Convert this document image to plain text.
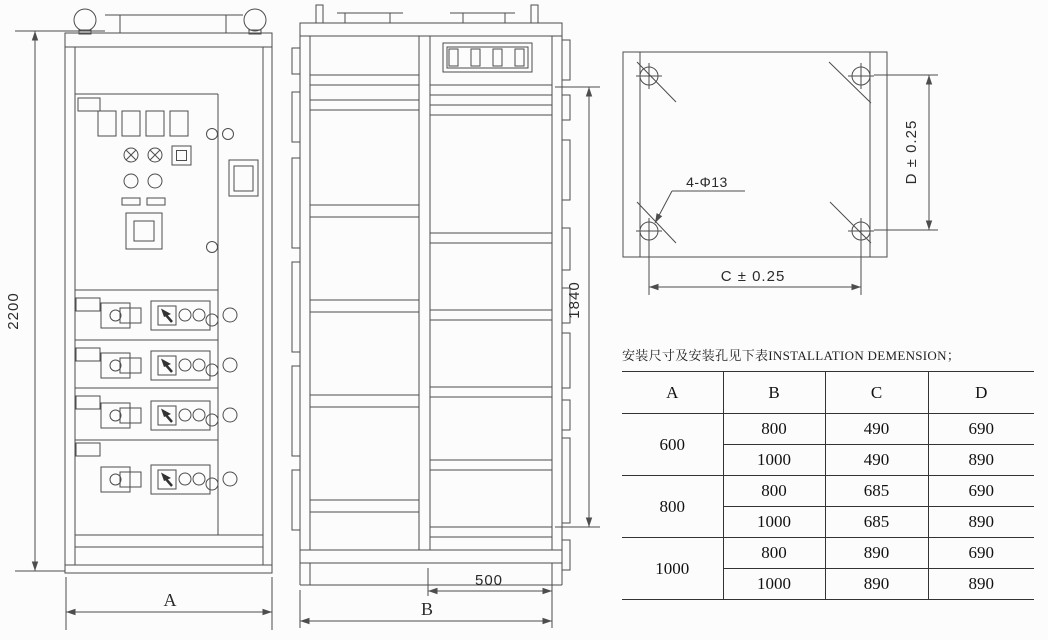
2200
A
1840
500
B
4-Φ13
C ± 0.25
D ± 0.25
安装尺寸及安装孔见下表INSTALLATION DEMENSION；
A	B	C	D
600	800	490	690
	1000	490	890
800	800	685	690
	1000	685	890
1000	800	890	690
	1000	890	890
